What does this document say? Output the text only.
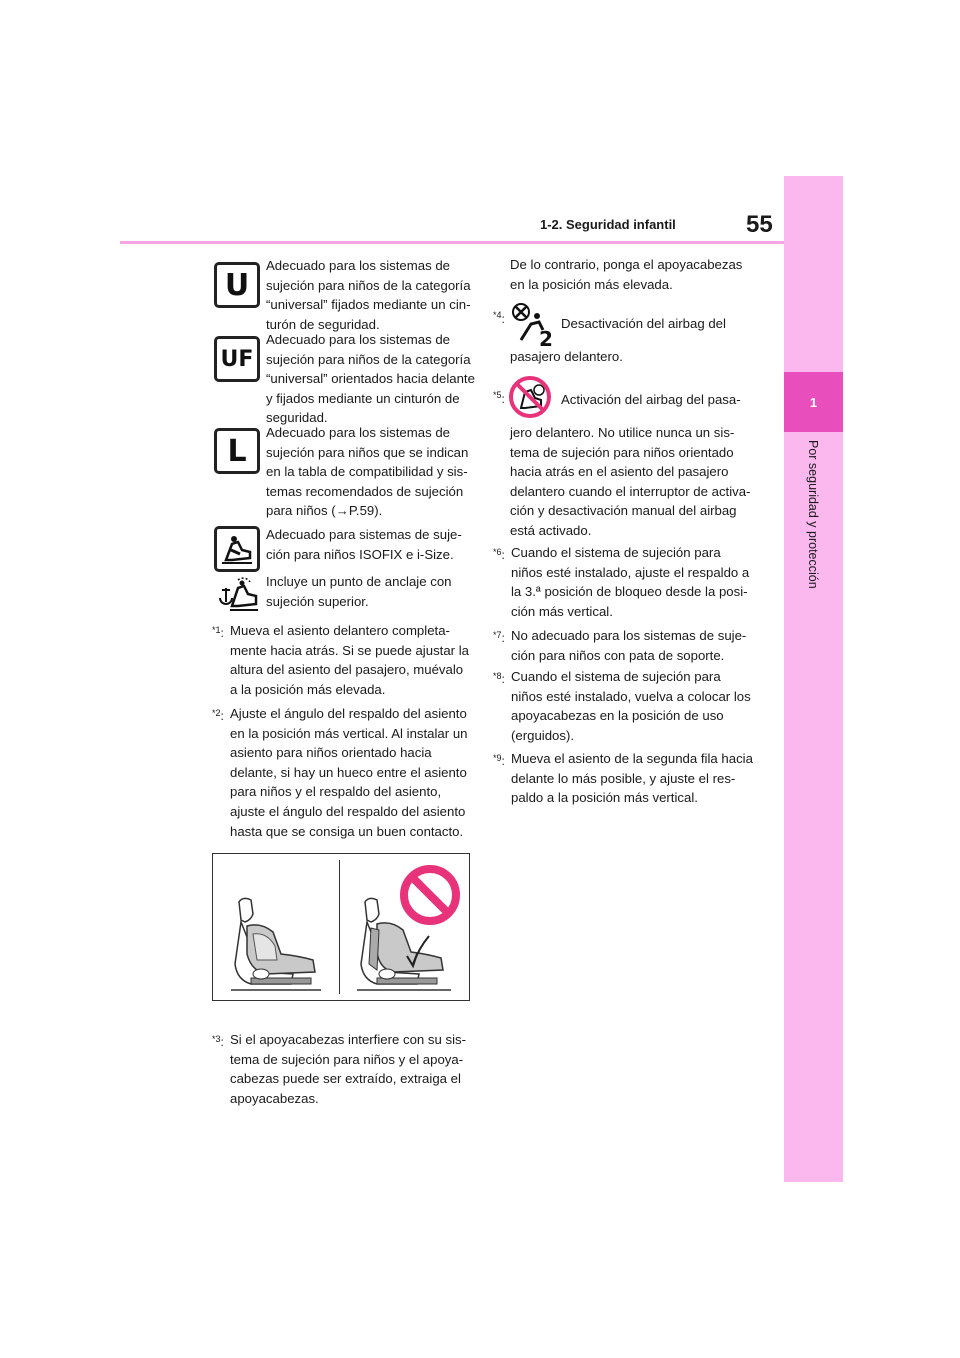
1-2. Seguridad infantil	55
1
Por seguridad y protección
U
Adecuado para los sistemas de
sujeción para niños de la categoría
“universal” fijados mediante un cin-
turón de seguridad.
UF
Adecuado para los sistemas de
sujeción para niños de la categoría
“universal” orientados hacia delante
y fijados mediante un cinturón de
seguridad.
L
Adecuado para los sistemas de
sujeción para niños que se indican
en la tabla de compatibilidad y sis-
temas recomendados de sujeción
para niños (→P.59).
Adecuado para sistemas de suje-
ción para niños ISOFIX e i-Size.
Incluye un punto de anclaje con
sujeción superior.
$^{*1}$: Mueva el asiento delantero completa-
mente hacia atrás. Si se puede ajustar la
altura del asiento del pasajero, muévalo
a la posición más elevada.
$^{*2}$: Ajuste el ángulo del respaldo del asiento
en la posición más vertical. Al instalar un
asiento para niños orientado hacia
delante, si hay un hueco entre el asiento
para niños y el respaldo del asiento,
ajuste el ángulo del respaldo del asiento
hasta que se consiga un buen contacto.
$^{*3}$: Si el apoyacabezas interfiere con su sis-
tema de sujeción para niños y el apoya-
cabezas puede ser extraído, extraiga el
apoyacabezas.
De lo contrario, ponga el apoyacabezas
en la posición más elevada.
$^{*4}$:
2
Desactivación del airbag del
pasajero delantero.
$^{*5}$:	Activación del airbag del pasa-
jero delantero. No utilice nunca un sis-
tema de sujeción para niños orientado
hacia atrás en el asiento del pasajero
delantero cuando el interruptor de activa-
ción y desactivación manual del airbag
está activado.
$^{*6}$: Cuando el sistema de sujeción para
niños esté instalado, ajuste el respaldo a
la 3.ª posición de bloqueo desde la posi-
ción más vertical.
$^{*7}$: No adecuado para los sistemas de suje-
ción para niños con pata de soporte.
$^{*8}$: Cuando el sistema de sujeción para
niños esté instalado, vuelva a colocar los
apoyacabezas en la posición de uso
(erguidos).
$^{*9}$: Mueva el asiento de la segunda fila hacia
delante lo más posible, y ajuste el res-
paldo a la posición más vertical.
